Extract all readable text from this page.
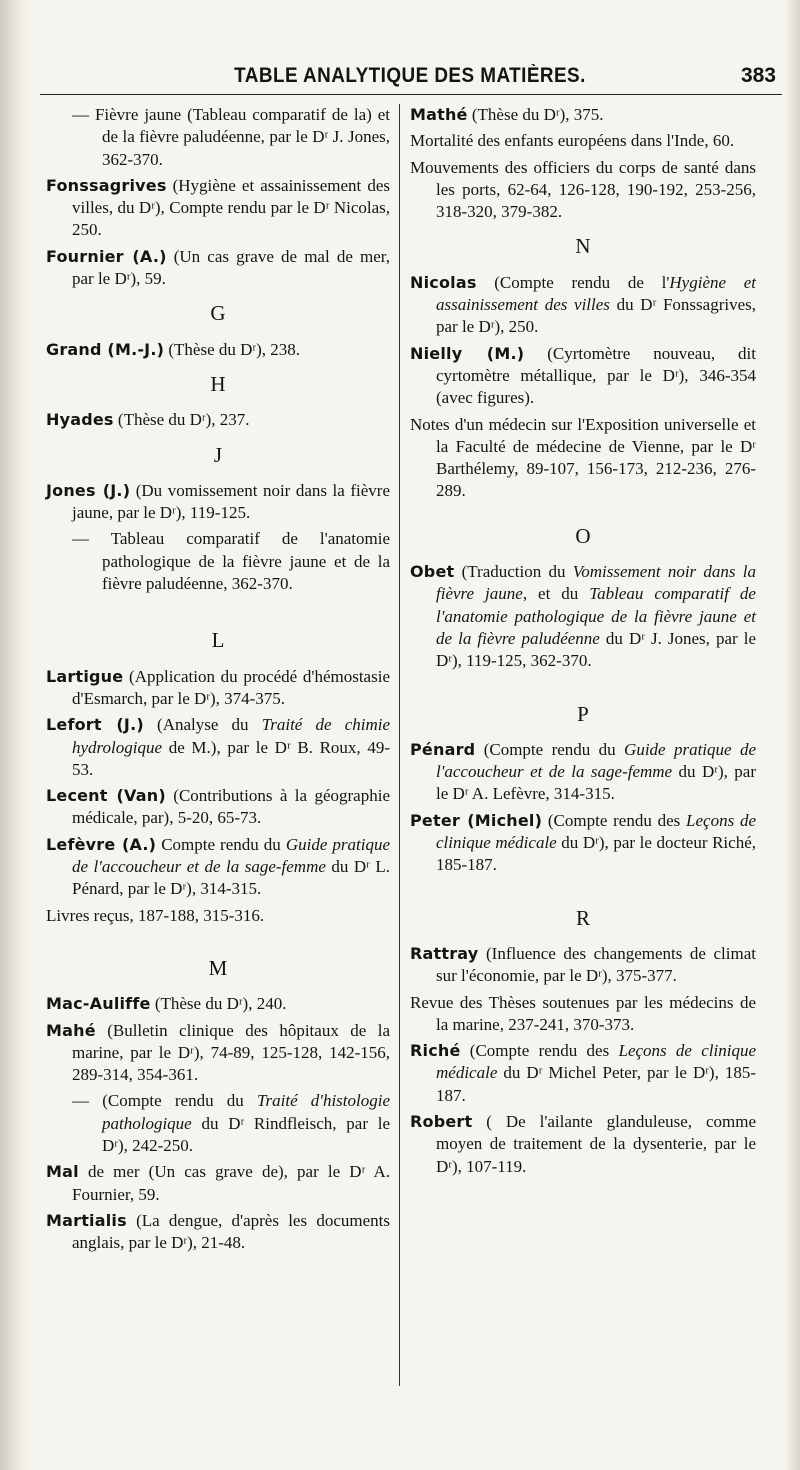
TABLE ANALYTIQUE DES MATIÈRES.	383

— Fièvre jaune (Tableau comparatif de la) et de la fièvre paludéenne, par le Dʳ J. Jones, 362-370.

Fonssagrives (Hygiène et assainissement des villes, du Dʳ), Compte rendu par le Dʳ Nicolas, 250.

Fournier (A.) (Un cas grave de mal de mer, par le Dʳ), 59.

G

Grand (M.-J.) (Thèse du Dʳ), 238.

H

Hyades (Thèse du Dʳ), 237.

J

Jones (J.) (Du vomissement noir dans la fièvre jaune, par le Dʳ), 119-125.

— Tableau comparatif de l'anatomie pathologique de la fièvre jaune et de la fièvre paludéenne, 362-370.

L

Lartigue (Application du procédé d'hémostasie d'Esmarch, par le Dʳ), 374-375.

Lefort (J.) (Analyse du Traité de chimie hydrologique de M.), par le Dʳ B. Roux, 49-53.

Lecent (Van) (Contributions à la géographie médicale, par), 5-20, 65-73.

Lefèvre (A.) Compte rendu du Guide pratique de l'accoucheur et de la sage-femme du Dʳ L. Pénard, par le Dʳ), 314-315.

Livres reçus, 187-188, 315-316.

M

Mac-Auliffe (Thèse du Dʳ), 240.

Mahé (Bulletin clinique des hôpitaux de la marine, par le Dʳ), 74-89, 125-128, 142-156, 289-314, 354-361.

— (Compte rendu du Traité d'histologie pathologique du Dʳ Rindfleisch, par le Dʳ), 242-250.

Mal de mer (Un cas grave de), par le Dʳ A. Fournier, 59.

Martialis (La dengue, d'après les documents anglais, par le Dʳ), 21-48.

Mathé (Thèse du Dʳ), 375.

Mortalité des enfants européens dans l'Inde, 60.

Mouvements des officiers du corps de santé dans les ports, 62-64, 126-128, 190-192, 253-256, 318-320, 379-382.

N

Nicolas (Compte rendu de l'Hygiène et assainissement des villes du Dʳ Fonssagrives, par le Dʳ), 250.

Nielly (M.) (Cyrtomètre nouveau, dit cyrtomètre métallique, par le Dʳ), 346-354 (avec figures).

Notes d'un médecin sur l'Exposition universelle et la Faculté de médecine de Vienne, par le Dʳ Barthélemy, 89-107, 156-173, 212-236, 276-289.

O

Obet (Traduction du Vomissement noir dans la fièvre jaune, et du Tableau comparatif de l'anatomie pathologique de la fièvre jaune et de la fièvre paludéenne du Dʳ J. Jones, par le Dʳ), 119-125, 362-370.

P

Pénard (Compte rendu du Guide pratique de l'accoucheur et de la sage-femme du Dʳ), par le Dʳ A. Lefèvre, 314-315.

Peter (Michel) (Compte rendu des Leçons de clinique médicale du Dʳ), par le docteur Riché, 185-187.

R

Rattray (Influence des changements de climat sur l'économie, par le Dʳ), 375-377.

Revue des Thèses soutenues par les médecins de la marine, 237-241, 370-373.

Riché (Compte rendu des Leçons de clinique médicale du Dʳ Michel Peter, par le Dʳ), 185-187.

Robert ( De l'ailante glanduleuse, comme moyen de traitement de la dysenterie, par le Dʳ), 107-119.
